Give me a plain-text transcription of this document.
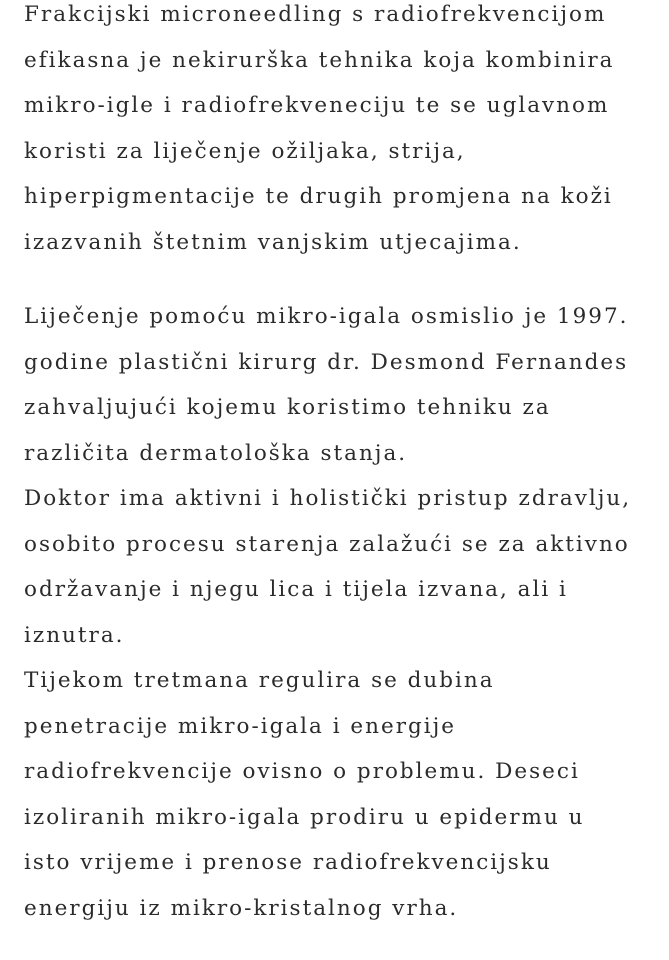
Frakcijski microneedling s radiofrekvencijom
efikasna je nekirurška tehnika koja kombinira
mikro-igle i radiofrekveneciju te se uglavnom
koristi za liječenje ožiljaka, strija,
hiperpigmentacije te drugih promjena na koži
izazvanih štetnim vanjskim utjecajima.

Liječenje pomoću mikro-igala osmislio je 1997.
godine plastični kirurg dr. Desmond Fernandes
zahvaljujući kojemu koristimo tehniku za
različita dermatološka stanja.

Doktor ima aktivni i holistički pristup zdravlju,
osobito procesu starenja zalažući se za aktivno
održavanje i njegu lica i tijela izvana, ali i
iznutra.

Tijekom tretmana regulira se dubina
penetracije mikro-igala i energije
radiofrekvencije ovisno o problemu. Deseci
izoliranih mikro-igala prodiru u epidermu u
isto vrijeme i prenose radiofrekvencijsku
energiju iz mikro-kristalnog vrha.
